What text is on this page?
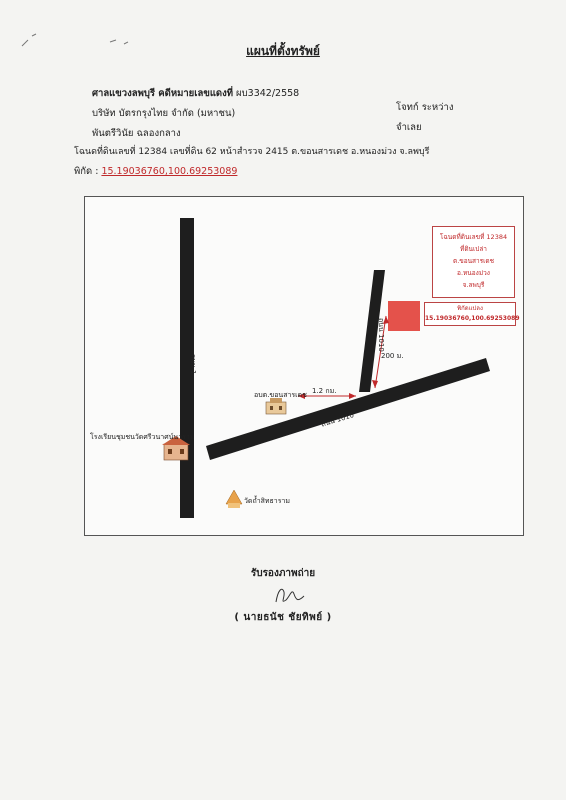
แผนที่ตั้งทรัพย์
ศาลแขวงลพบุรี คดีหมายเลขแดงที่ ผบ3342/2558
บริษัท บัตรกรุงไทย จำกัด (มหาชน)
โจทก์ ระหว่าง
พันตรีวินัย ฉลองกลาง
จำเลย
โฉนดที่ดินเลขที่ 12384 เลขที่ดิน 62 หน้าสำรวจ 2415 ต.ขอนสารเดช อ.หนองม่วง จ.ลพบุรี
พิกัด : 15.19036760,100.69253089
โฉนดที่ดินเลขที่ 12384
ที่ดินเปล่า
ต.ขอนสารเดช
อ.หนองม่วง
จ.ลพบุรี
พิกัดแปลง
15.19036760,100.69253089
ถนน 1
ถนน 1010
ถนน 1010
200 ม.
1.2 กม.
อบต.ขอนสารเดช
โรงเรียนชุมชนวัดศรีวนาศน์นาราม
วัดถ้ำสิทธาราม
รับรองภาพถ่าย
( นายธนัช ชัยทิพย์ )
